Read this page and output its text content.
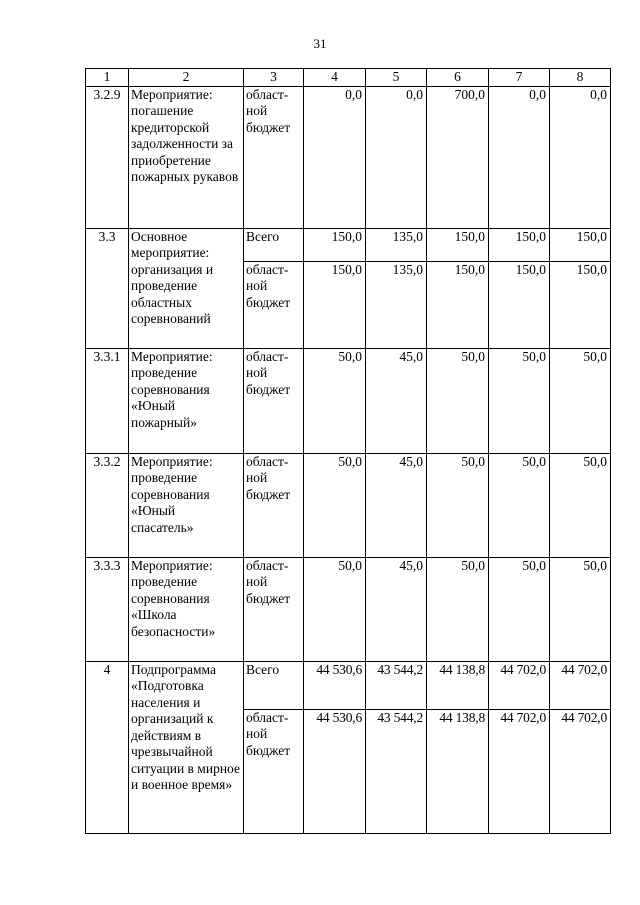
31
1	2	3	4	5	6	7	8
3.2.9	Мероприятие: погашение кредиторской задолженности за приобретение пожарных рукавов	област-ной бюджет	0,0	0,0	700,0	0,0	0,0
3.3	Основное мероприятие: организация и проведение областных соревнований	Всего	150,0	135,0	150,0	150,0	150,0
		област-ной бюджет	150,0	135,0	150,0	150,0	150,0
3.3.1	Мероприятие: проведение соревнования «Юный пожарный»	област-ной бюджет	50,0	45,0	50,0	50,0	50,0
3.3.2	Мероприятие: проведение соревнования «Юный спасатель»	област-ной бюджет	50,0	45,0	50,0	50,0	50,0
3.3.3	Мероприятие: проведение соревнования «Школа безопасности»	област-ной бюджет	50,0	45,0	50,0	50,0	50,0
4	Подпрограмма «Подготовка населения и организаций к действиям в чрезвычайной ситуации в мирное и военное время»	Всего	44 530,6	43 544,2	44 138,8	44 702,0	44 702,0
		област-ной бюджет	44 530,6	43 544,2	44 138,8	44 702,0	44 702,0
